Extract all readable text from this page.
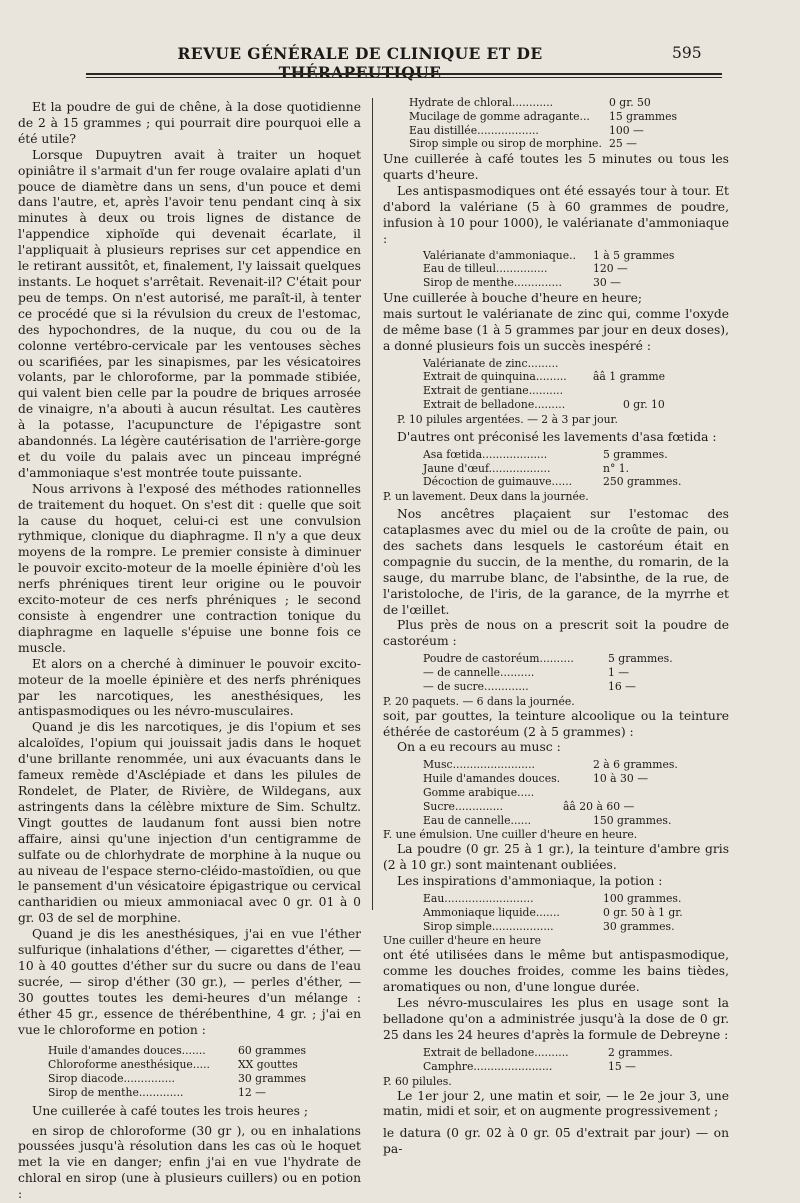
REVUE GÉNÉRALE DE CLINIQUE ET DE	595

Et la poudre de gui de chêne, à la dose quotidienne de 2 à 15 grammes ; qui pourrait dire pourquoi elle a été utile?

Lorsque Dupuytren avait à traiter un hoquet opiniâtre il s'armait d'un fer rouge ovalaire aplati d'un pouce de diamètre dans un sens, d'un pouce et demi dans l'autre, et, après l'avoir tenu pendant cinq à six minutes à deux ou trois lignes de distance de l'appendice xiphoïde qui devenait écarlate, il l'appliquait à plusieurs reprises sur cet appendice en le retirant aussitôt, et, finalement, l'y laissait quelques instants. Le hoquet s'arrêtait. Revenait-il? C'était pour peu de temps. On n'est autorisé, me paraît-il, à tenter ce procédé que si la révulsion du creux de l'estomac, des hypochondres, de la nuque, du cou ou de la colonne vertébro-cervicale par les ventouses sèches ou scarifiées, par les sinapismes, par les vésicatoires volants, par le chloroforme, par la pommade stibiée, qui valent bien celle par la poudre de briques arrosée de vinaigre, n'a abouti à aucun résultat. Les cautères à la potasse, l'acupuncture de l'épigastre sont abandonnés. La légère cautérisation de l'arrière-gorge et du voile du palais avec un pinceau imprégné d'ammoniaque s'est montrée toute puissante.

Nous arrivons à l'exposé des méthodes rationnelles de traitement du hoquet. On s'est dit : quelle que soit la cause du hoquet, celui-ci est une convulsion rythmique, clonique du diaphragme. Il n'y a que deux moyens de la rompre. Le premier consiste à diminuer le pouvoir excito-moteur de la moelle épinière d'où les nerfs phréniques tirent leur origine ou le pouvoir excito-moteur de ces nerfs phréniques ; le second consiste à engendrer une contraction tonique du diaphragme en laquelle s'épuise une bonne fois ce muscle.

Et alors on a cherché à diminuer le pouvoir excito-moteur de la moelle épinière et des nerfs phréniques par les narcotiques, les anesthésiques, les antispasmodiques ou les névro-musculaires.

Quand je dis les narcotiques, je dis l'opium et ses alcaloïdes, l'opium qui jouissait jadis dans le hoquet d'une brillante renommée, uni aux évacuants dans le fameux remède d'Asclépiade et dans les pilules de Rondelet, de Plater, de Rivière, de Wildegans, aux astringents dans la célèbre mixture de Sim. Schultz. Vingt gouttes de laudanum font aussi bien notre affaire, ainsi qu'une injection d'un centigramme de sulfate ou de chlorhydrate de morphine à la nuque ou au niveau de l'espace sterno-cléido-mastoïdien, ou que le pansement d'un vésicatoire épigastrique ou cervical cantharidien ou mieux ammoniacal avec 0 gr. 01 à 0 gr. 03 de sel de morphine.

Quand je dis les anesthésiques, j'ai en vue l'éther sulfurique (inhalations d'éther, — cigarettes d'éther, — 10 à 40 gouttes d'éther sur du sucre ou dans de l'eau sucrée, — sirop d'éther (30 gr.), — perles d'éther, — 30 gouttes toutes les demi-heures d'un mélange : éther 45 gr., essence de thérébenthine, 4 gr. ; j'ai en vue le chloroforme en potion :

Huile d'amandes douces.......	60 grammes
Chloroforme anesthésique.....	XX gouttes
Sirop diacode...............	30 grammes
Sirop de menthe.............	12 —

Une cuillerée à café toutes les trois heures ;

en sirop de chloroforme (30 gr ), ou en inhalations poussées jusqu'à résolution dans les cas où le hoquet met la vie en danger; enfin j'ai en vue l'hydrate de chloral en sirop (une à plusieurs cuillers) ou en potion :

Hydrate de chloral............	0 gr. 50
Mucilage de gomme adragante...	15 grammes
Eau distillée..................	100 —
Sirop simple ou sirop de morphine. 25 —

Une cuillerée à café toutes les 5 minutes ou tous les quarts d'heure.

Les antispasmodiques ont été essayés tour à tour. Et d'abord la valériane (5 à 60 grammes de poudre, infusion à 10 pour 1000), le valérianate d'ammoniaque :

Valérianate d'ammoniaque..	1 à 5 grammes
Eau de tilleul...............	120 —
Sirop de menthe..............	30 —

Une cuillerée à bouche d'heure en heure;

mais surtout le valérianate de zinc qui, comme l'oxyde de même base (1 à 5 grammes par jour en deux doses), a donné plusieurs fois un succès inespéré :

Valérianate de zinc.........
Extrait de quinquina.........	ââ 1 gramme
Extrait de gentiane..........
Extrait de belladone.........	0 gr. 10

P. 10 pilules argentées. — 2 à 3 par jour.

D'autres ont préconisé les lavements d'asa fœtida :

Asa fœtida...................	5 grammes.
Jaune d'œuf..................	n° 1.
Décoction de guimauve......	250 grammes.

P. un lavement. Deux dans la journée.

Nos ancêtres plaçaient sur l'estomac des cataplasmes avec du miel ou de la croûte de pain, ou des sachets dans lesquels le castoréum était en compagnie du succin, de la menthe, du romarin, de la sauge, du marrube blanc, de l'absinthe, de la rue, de l'aristoloche, de l'iris, de la garance, de la myrrhe et de l'œillet.

Plus près de nous on a prescrit soit la poudre de castoréum :

Poudre de castoréum..........	5 grammes.
— de cannelle..........	1 —
— de sucre.............	16 —

P. 20 paquets. — 6 dans la journée.

soit, par gouttes, la teinture alcoolique ou la teinture éthérée de castoréum (2 à 5 grammes) :

On a eu recours au musc :

Musc........................	2 à 6 grammes.
Huile d'amandes douces.	10 à 30 —
Gomme arabique.....
Sucre..............	ââ 20 à 60 —
Eau de cannelle......	150 grammes.

F. une émulsion. Une cuiller d'heure en heure.

La poudre (0 gr. 25 à 1 gr.), la teinture d'ambre gris (2 à 10 gr.) sont maintenant oubliées.

Les inspirations d'ammoniaque, la potion :

Eau..........................	100 grammes.
Ammoniaque liquide.......	0 gr. 50 à 1 gr.
Sirop simple..................	30 grammes.

Une cuiller d'heure en heure

ont été utilisées dans le même but antispasmodique, comme les douches froides, comme les bains tièdes, aromatiques ou non, d'une longue durée.

Les névro-musculaires les plus en usage sont la belladone qu'on a administrée jusqu'à la dose de 0 gr. 25 dans les 24 heures d'après la formule de Debreyne :

Extrait de belladone..........	2 grammes.
Camphre.......................	15 —

P. 60 pilules.

Le 1er jour 2, une matin et soir, — le 2e jour 3, une matin, midi et soir, et on augmente progressivement ;

le datura (0 gr. 02 à 0 gr. 05 d'extrait par jour) — on pa-
